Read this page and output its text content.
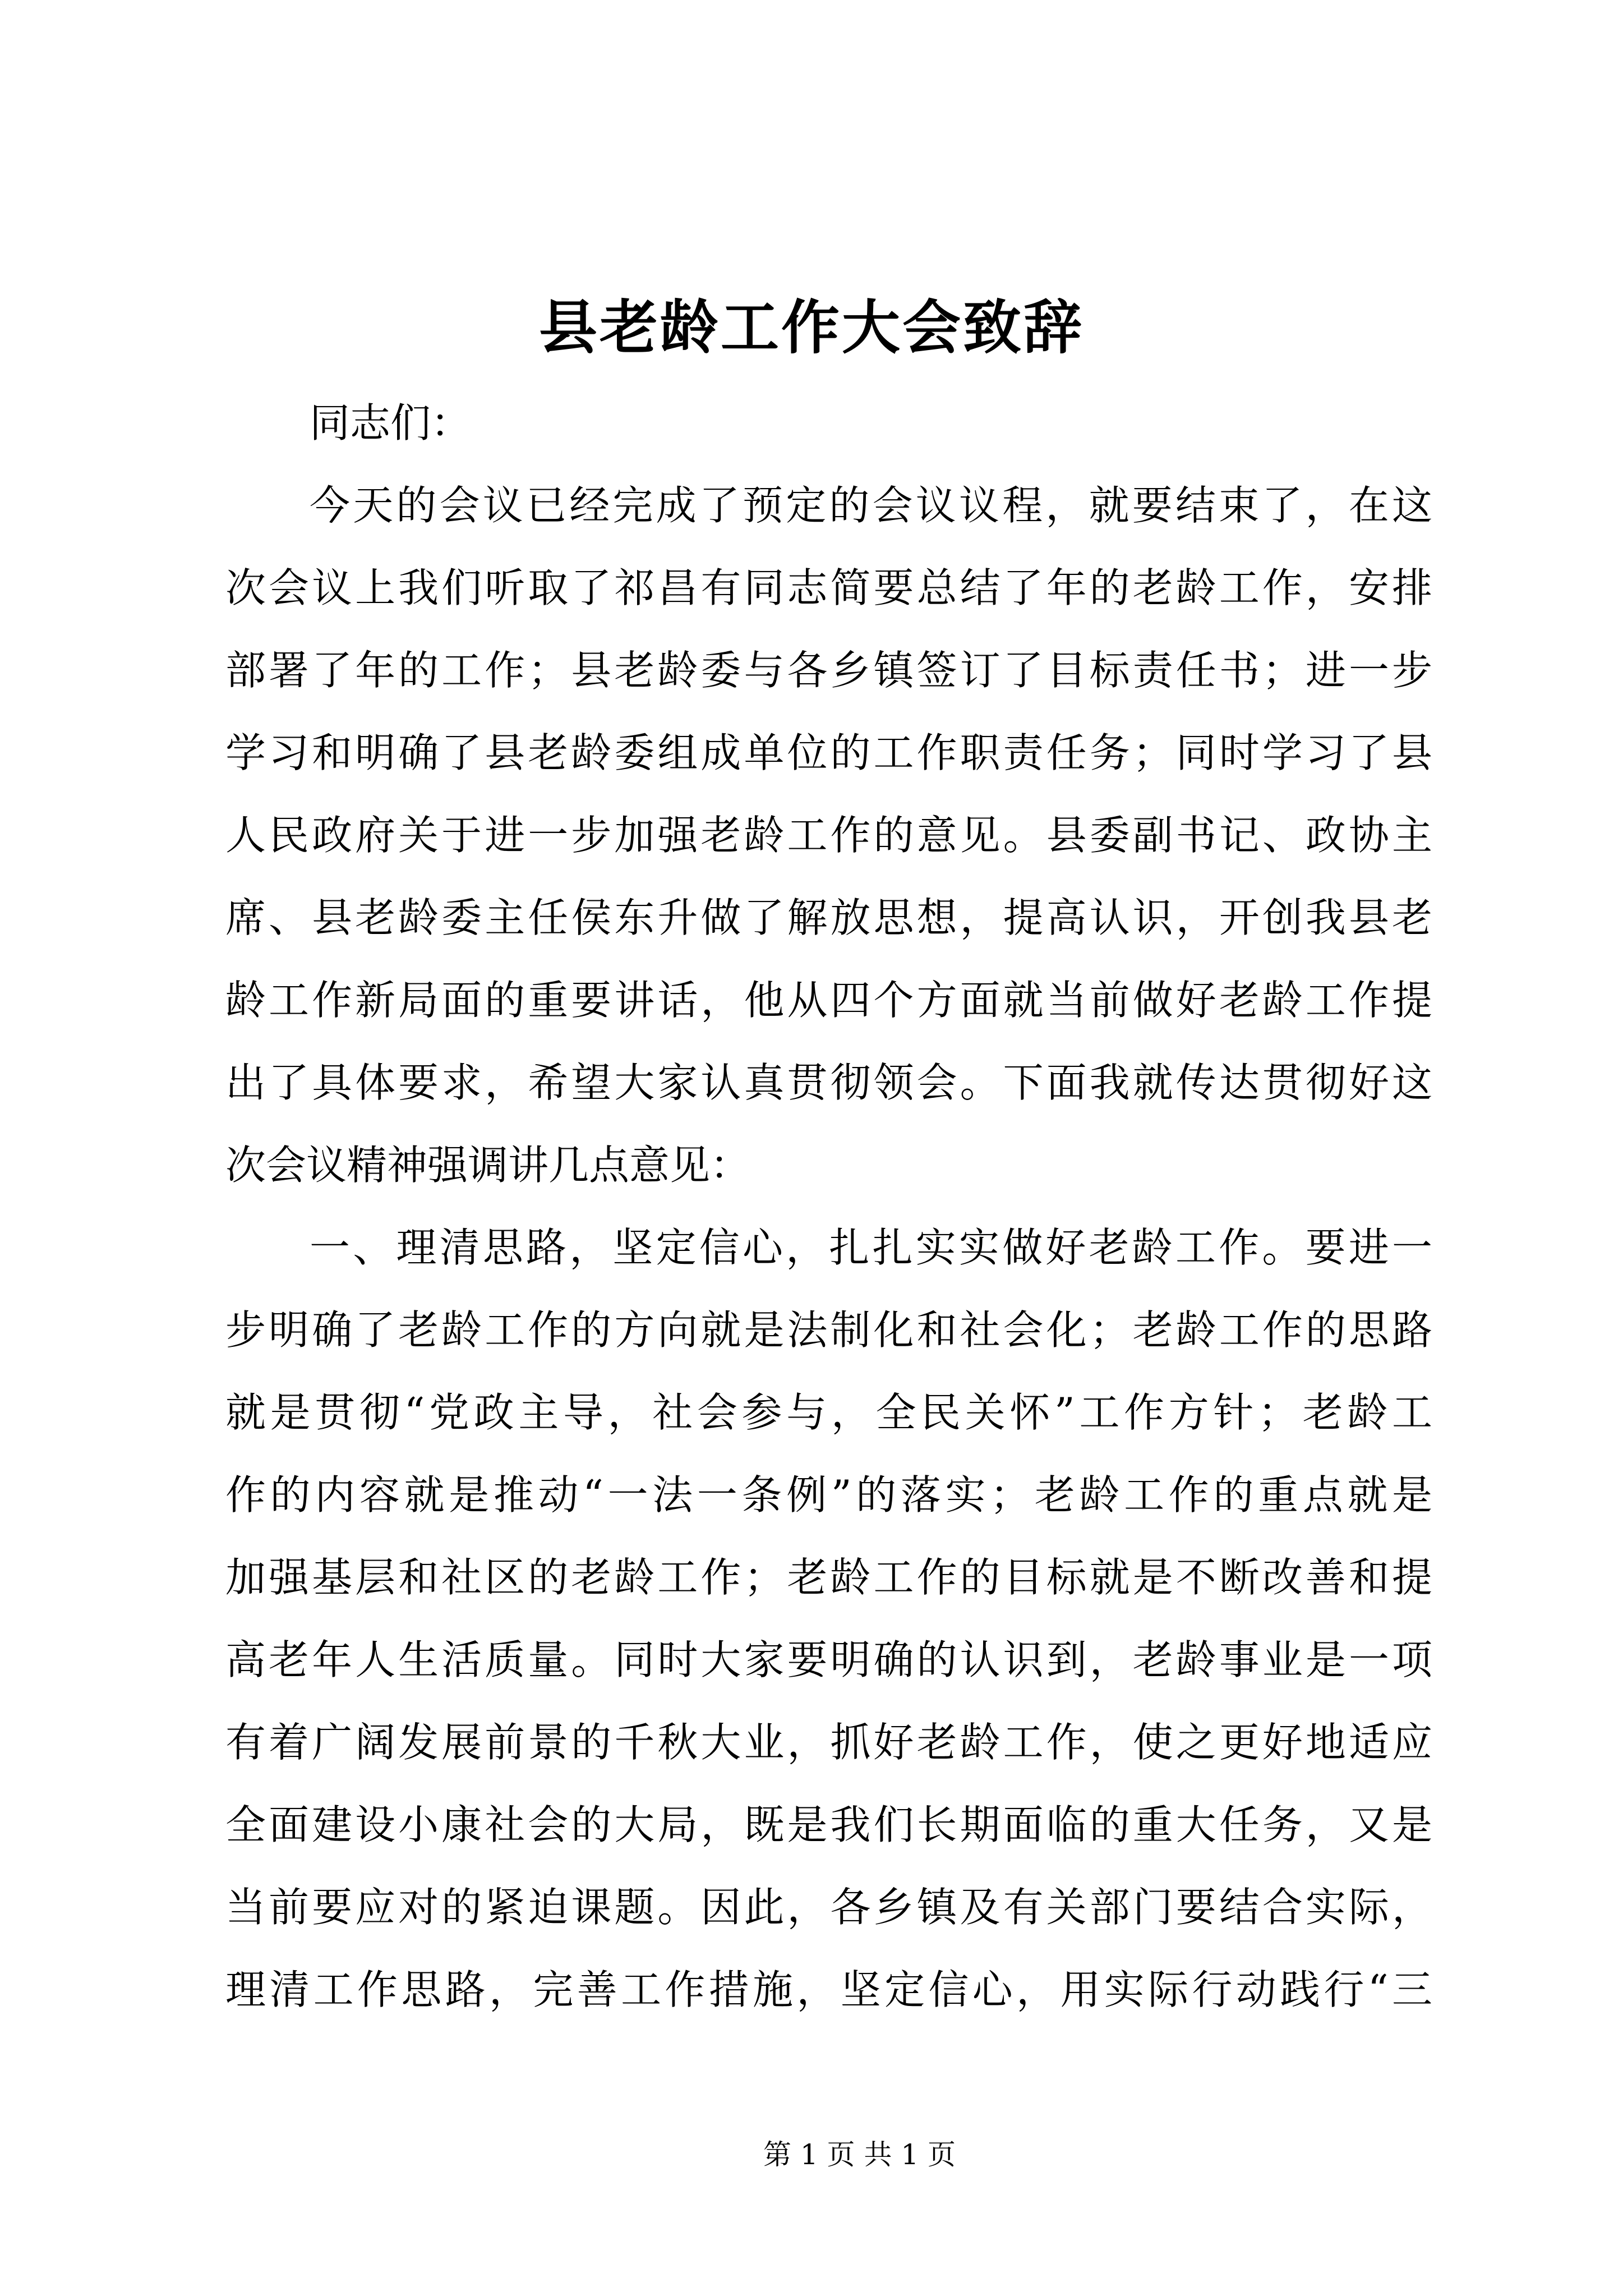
县老龄工作大会致辞
同志们：
今天的会议已经完成了预定的会议议程，就要结束了，在这
次会议上我们听取了祁昌有同志简要总结了年的老龄工作，安排
部署了年的工作；县老龄委与各乡镇签订了目标责任书；进一步
学习和明确了县老龄委组成单位的工作职责任务；同时学习了县
人民政府关于进一步加强老龄工作的意见。县委副书记、政协主
席、县老龄委主任侯东升做了解放思想，提高认识，开创我县老
龄工作新局面的重要讲话，他从四个方面就当前做好老龄工作提
出了具体要求，希望大家认真贯彻领会。下面我就传达贯彻好这
次会议精神强调讲几点意见：
一、理清思路，坚定信心，扎扎实实做好老龄工作。要进一
步明确了老龄工作的方向就是法制化和社会化；老龄工作的思路
就是贯彻“党政主导，社会参与，全民关怀”工作方针；老龄工
作的内容就是推动“一法一条例”的落实；老龄工作的重点就是
加强基层和社区的老龄工作；老龄工作的目标就是不断改善和提
高老年人生活质量。同时大家要明确的认识到，老龄事业是一项
有着广阔发展前景的千秋大业，抓好老龄工作，使之更好地适应
全面建设小康社会的大局，既是我们长期面临的重大任务，又是
当前要应对的紧迫课题。因此，各乡镇及有关部门要结合实际，
理清工作思路，完善工作措施，坚定信心，用实际行动践行“三
第 1 页 共 1 页
